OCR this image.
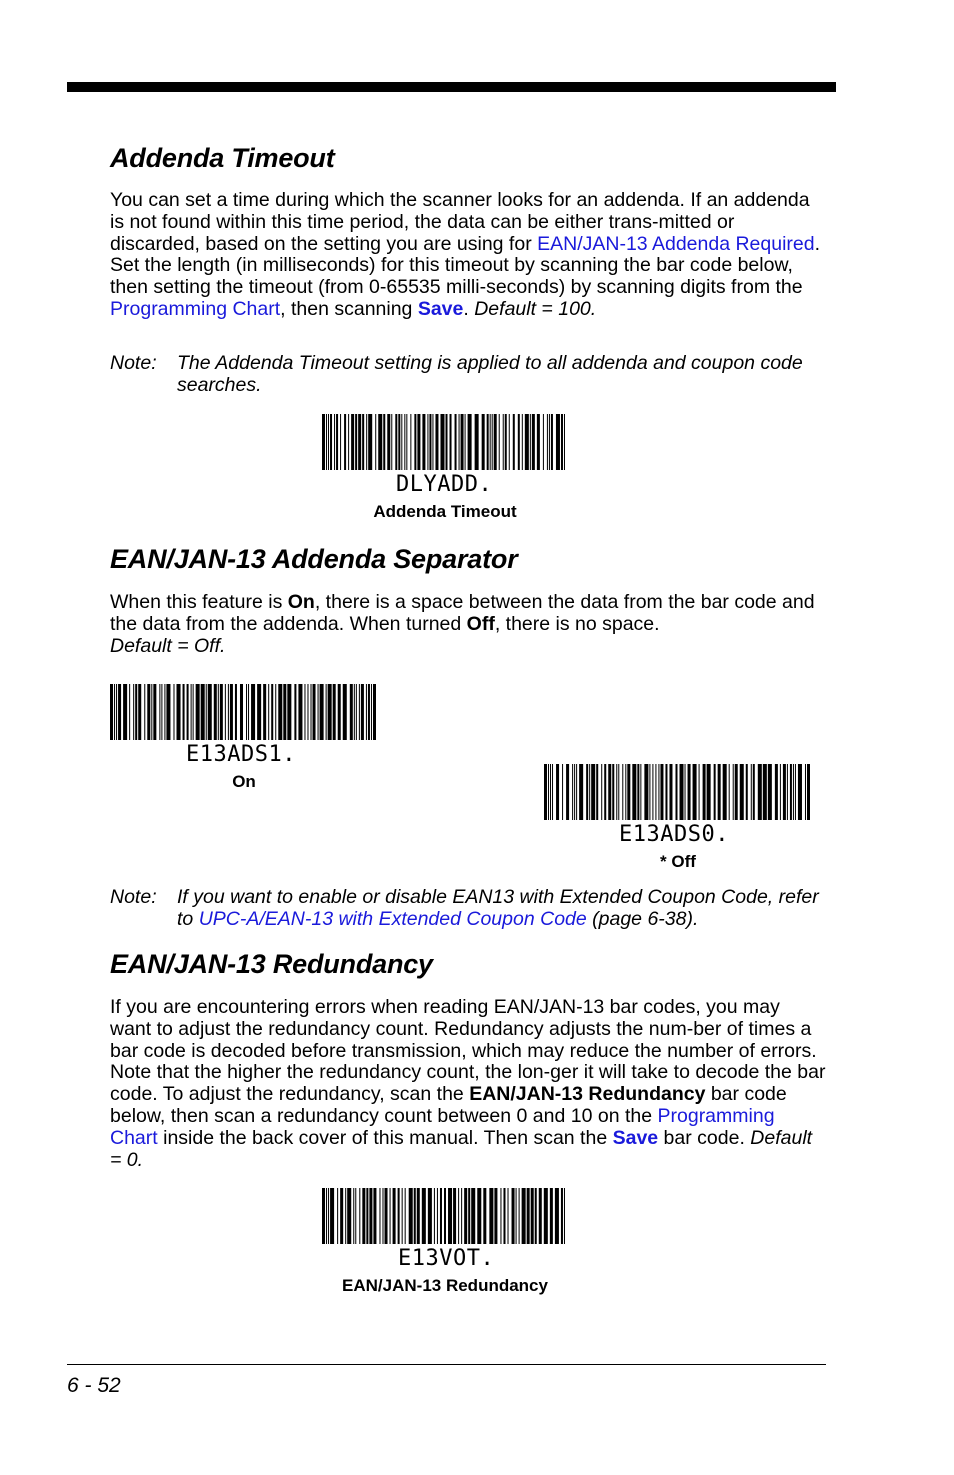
Addenda Timeout

You can set a time during which the scanner looks for an addenda. If an addenda is not found within this time period, the data can be either trans-mitted or discarded, based on the setting you are using for EAN/JAN-13 Addenda Required. Set the length (in milliseconds) for this timeout by scanning the bar code below, then setting the timeout (from 0-65535 milli-seconds) by scanning digits from the Programming Chart, then scanning Save. Default = 100.

Note: The Addenda Timeout setting is applied to all addenda and coupon code searches.

DLYADD.
Addenda Timeout
EAN/JAN-13 Addenda Separator

When this feature is On, there is a space between the data from the bar code and the data from the addenda. When turned Off, there is no space.
Default = Off.

E13ADS1.
On
E13ADS0.
* Off

Note: If you want to enable or disable EAN13 with Extended Coupon Code, refer to UPC-A/EAN-13 with Extended Coupon Code (page 6-38).

EAN/JAN-13 Redundancy

If you are encountering errors when reading EAN/JAN-13 bar codes, you may want to adjust the redundancy count. Redundancy adjusts the num-ber of times a bar code is decoded before transmission, which may reduce the number of errors. Note that the higher the redundancy count, the lon-ger it will take to decode the bar code. To adjust the redundancy, scan the EAN/JAN-13 Redundancy bar code below, then scan a redundancy count between 0 and 10 on the Programming Chart inside the back cover of this manual. Then scan the Save bar code. Default = 0.

E13VOT.
EAN/JAN-13 Redundancy
6 - 52
